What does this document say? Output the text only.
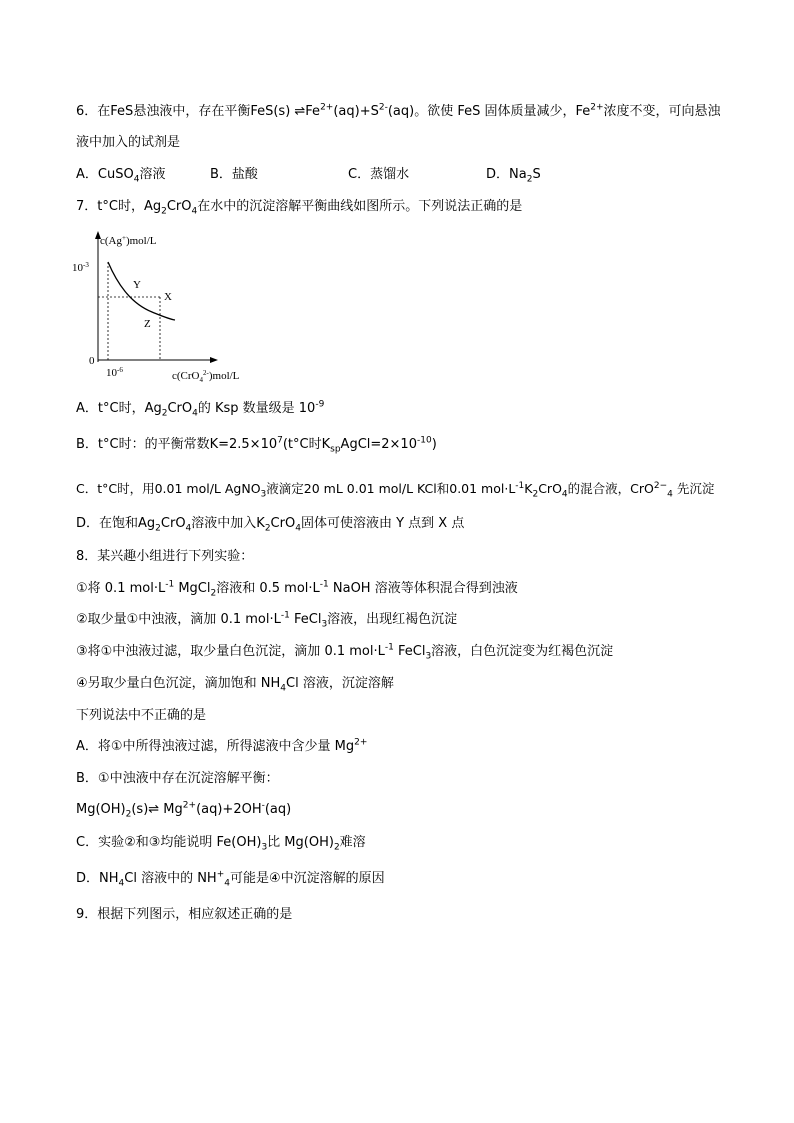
6．在FeS悬浊液中，存在平衡FeS(s) $\rightleftharpoons Fe^{2+}(aq)+S^{2-}(aq)$。欲使 FeS 固体质量减少，$Fe^{2+}$浓度不变，可向悬浊
液中加入的试剂是
A．CuSO$_4$溶液	B．盐酸	C．蒸馏水	D．$Na_2S$
7．t°C时，$Ag_2CrO_4$在水中的沉淀溶解平衡曲线如图所示。下列说法正确的是
c(Ag+)mol/L
c(CrO$_4^{2-}$)mol/L
$10^{-3}$
$10^{-6}$
0
Y
X
Z
A．t°C时，$Ag_2CrO_4$的 Ksp 数量级是 $10^{-9}$
B．t°C时：的平衡常数$K=2.5\times 10^7(t^\circ C$时$K_{sp}AgCl=2\times 10^{-10}$)
C．t°C时，用0.01 mol/L AgNO$_3$液滴定20 mL 0.01 mol/L KCl和0.01 $mol\cdot L^{-1}K_2CrO_4$的混合液，CrO$^{2-}_4$ 先沉淀
D．在饱和$Ag_2CrO_4$溶液中加入$K_2CrO_4$固体可使溶液由 Y 点到 X 点
8．某兴趣小组进行下列实验：
①将 0.1 $mol\cdot L^{-1}$ MgCl$_2$溶液和 0.5 $mol\cdot L^{-1}$ NaOH 溶液等体积混合得到浊液
②取少量①中浊液，滴加 0.1 $mol\cdot L^{-1}$ FeCl$_3$溶液，出现红褐色沉淀
③将①中浊液过滤，取少量白色沉淀，滴加 0.1 $mol\cdot L^{-1}$ FeCl$_3$溶液，白色沉淀变为红褐色沉淀
④另取少量白色沉淀，滴加饱和 $NH_4Cl$ 溶液，沉淀溶解
下列说法中不正确的是
A．将①中所得浊液过滤，所得滤液中含少量 $Mg^{2+}$
B．①中浊液中存在沉淀溶解平衡：
$Mg(OH)_2(s)\rightleftharpoons$ $Mg^{2+}(aq)+2OH^-(aq)$
C．实验②和③均能说明 $Fe(OH)_3$比 $Mg(OH)_2$难溶
D．$NH_4Cl$ 溶液中的 $NH^+_4$可能是④中沉淀溶解的原因
9．根据下列图示，相应叙述正确的是
